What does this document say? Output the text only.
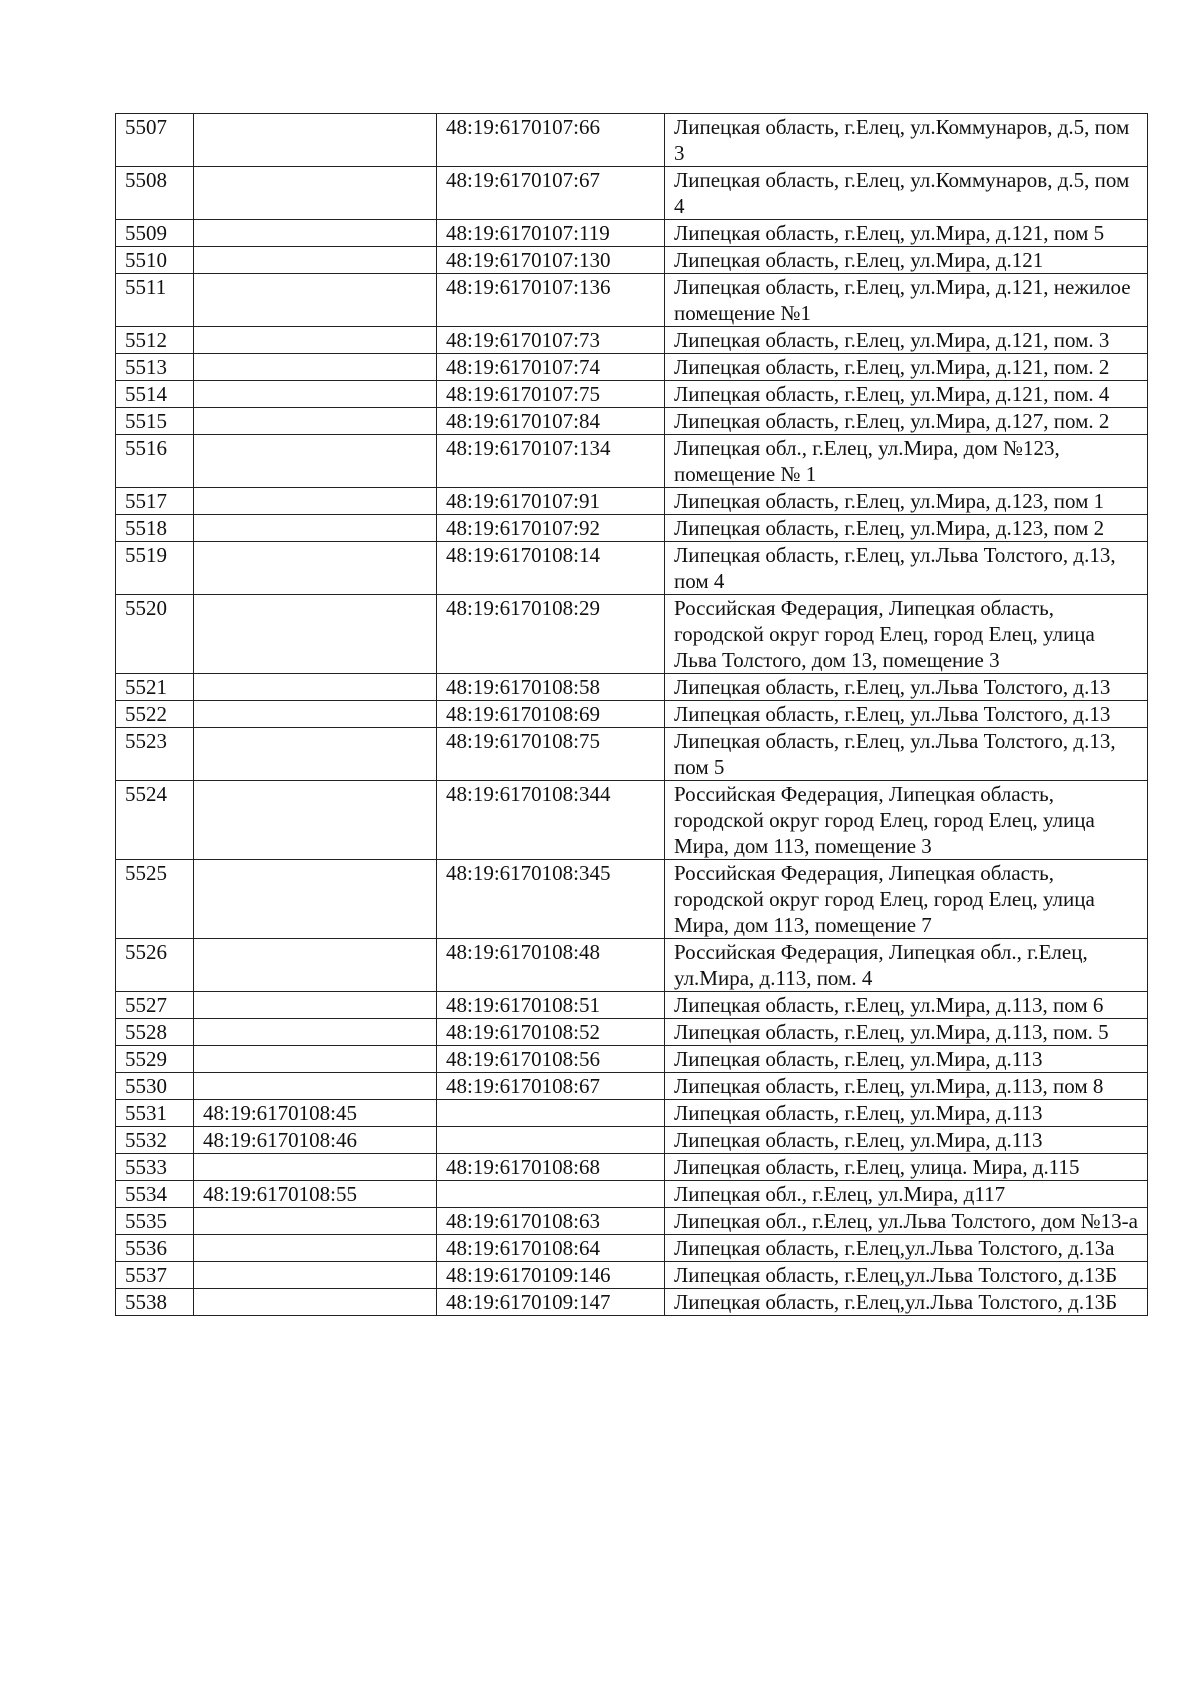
5507		48:19:6170107:66	Липецкая область, г.Елец, ул.Коммунаров, д.5, пом 3
5508		48:19:6170107:67	Липецкая область, г.Елец, ул.Коммунаров, д.5, пом 4
5509		48:19:6170107:119	Липецкая область, г.Елец, ул.Мира, д.121, пом 5
5510		48:19:6170107:130	Липецкая область, г.Елец, ул.Мира, д.121
5511		48:19:6170107:136	Липецкая область, г.Елец, ул.Мира, д.121, нежилое помещение №1
5512		48:19:6170107:73	Липецкая область, г.Елец, ул.Мира, д.121, пом. 3
5513		48:19:6170107:74	Липецкая область, г.Елец, ул.Мира, д.121, пом. 2
5514		48:19:6170107:75	Липецкая область, г.Елец, ул.Мира, д.121, пом. 4
5515		48:19:6170107:84	Липецкая область, г.Елец, ул.Мира, д.127, пом. 2
5516		48:19:6170107:134	Липецкая обл., г.Елец, ул.Мира, дом №123, помещение № 1
5517		48:19:6170107:91	Липецкая область, г.Елец, ул.Мира, д.123, пом 1
5518		48:19:6170107:92	Липецкая область, г.Елец, ул.Мира, д.123, пом 2
5519		48:19:6170108:14	Липецкая область, г.Елец, ул.Льва Толстого, д.13, пом 4
5520		48:19:6170108:29	Российская Федерация, Липецкая область, городской округ город Елец, город Елец, улица Льва Толстого, дом 13, помещение 3
5521		48:19:6170108:58	Липецкая область, г.Елец, ул.Льва Толстого, д.13
5522		48:19:6170108:69	Липецкая область, г.Елец, ул.Льва Толстого, д.13
5523		48:19:6170108:75	Липецкая область, г.Елец, ул.Льва Толстого, д.13, пом 5
5524		48:19:6170108:344	Российская Федерация, Липецкая область, городской округ город Елец, город Елец, улица Мира, дом 113, помещение 3
5525		48:19:6170108:345	Российская Федерация, Липецкая область, городской округ город Елец, город Елец, улица Мира, дом 113, помещение 7
5526		48:19:6170108:48	Российская Федерация, Липецкая обл., г.Елец, ул.Мира, д.113, пом. 4
5527		48:19:6170108:51	Липецкая область, г.Елец, ул.Мира, д.113, пом 6
5528		48:19:6170108:52	Липецкая область, г.Елец, ул.Мира, д.113, пом. 5
5529		48:19:6170108:56	Липецкая область, г.Елец, ул.Мира, д.113
5530		48:19:6170108:67	Липецкая область, г.Елец, ул.Мира, д.113, пом 8
5531	48:19:6170108:45		Липецкая область, г.Елец, ул.Мира, д.113
5532	48:19:6170108:46		Липецкая область, г.Елец, ул.Мира, д.113
5533		48:19:6170108:68	Липецкая область, г.Елец, улица. Мира, д.115
5534	48:19:6170108:55		Липецкая обл., г.Елец, ул.Мира, д117
5535		48:19:6170108:63	Липецкая обл., г.Елец, ул.Льва Толстого, дом №13-а
5536		48:19:6170108:64	Липецкая область, г.Елец,ул.Льва Толстого, д.13а
5537		48:19:6170109:146	Липецкая область, г.Елец,ул.Льва Толстого, д.13Б
5538		48:19:6170109:147	Липецкая область, г.Елец,ул.Льва Толстого, д.13Б
